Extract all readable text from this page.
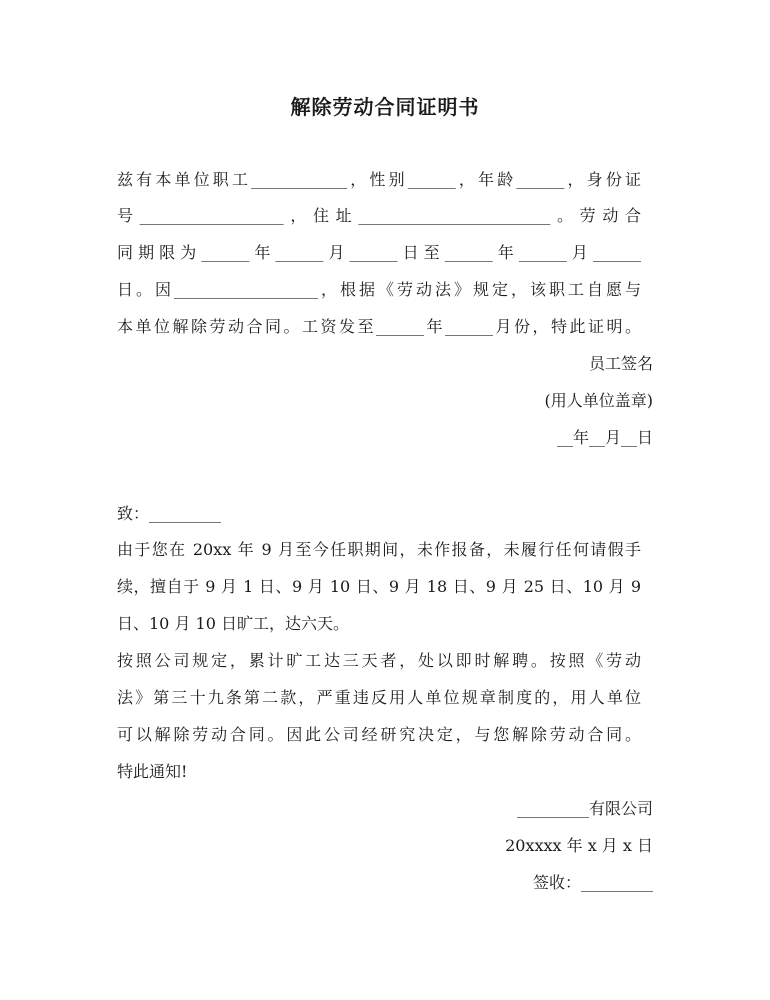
解除劳动合同证明书
兹有本单位职工____________，性别______，年龄______，身份证
号__________________，住址________________________。劳动合
同期限为______年______月______日至______年______月______
日。因__________________，根据《劳动法》规定，该职工自愿与
本单位解除劳动合同。工资发至______年______月份，特此证明。
员工签名
(用人单位盖章)
__年__月__日
致：_________
由于您在 20xx 年 9 月至今任职期间，未作报备，未履行任何请假手
续，擅自于 9 月 1 日、9 月 10 日、9 月 18 日、9 月 25 日、10 月 9
日、10 月 10 日旷工，达六天。
按照公司规定，累计旷工达三天者，处以即时解聘。按照《劳动
法》第三十九条第二款，严重违反用人单位规章制度的，用人单位
可以解除劳动合同。因此公司经研究决定，与您解除劳动合同。
特此通知!
_________有限公司
20xxxx 年 x 月 x 日
签收：_________
